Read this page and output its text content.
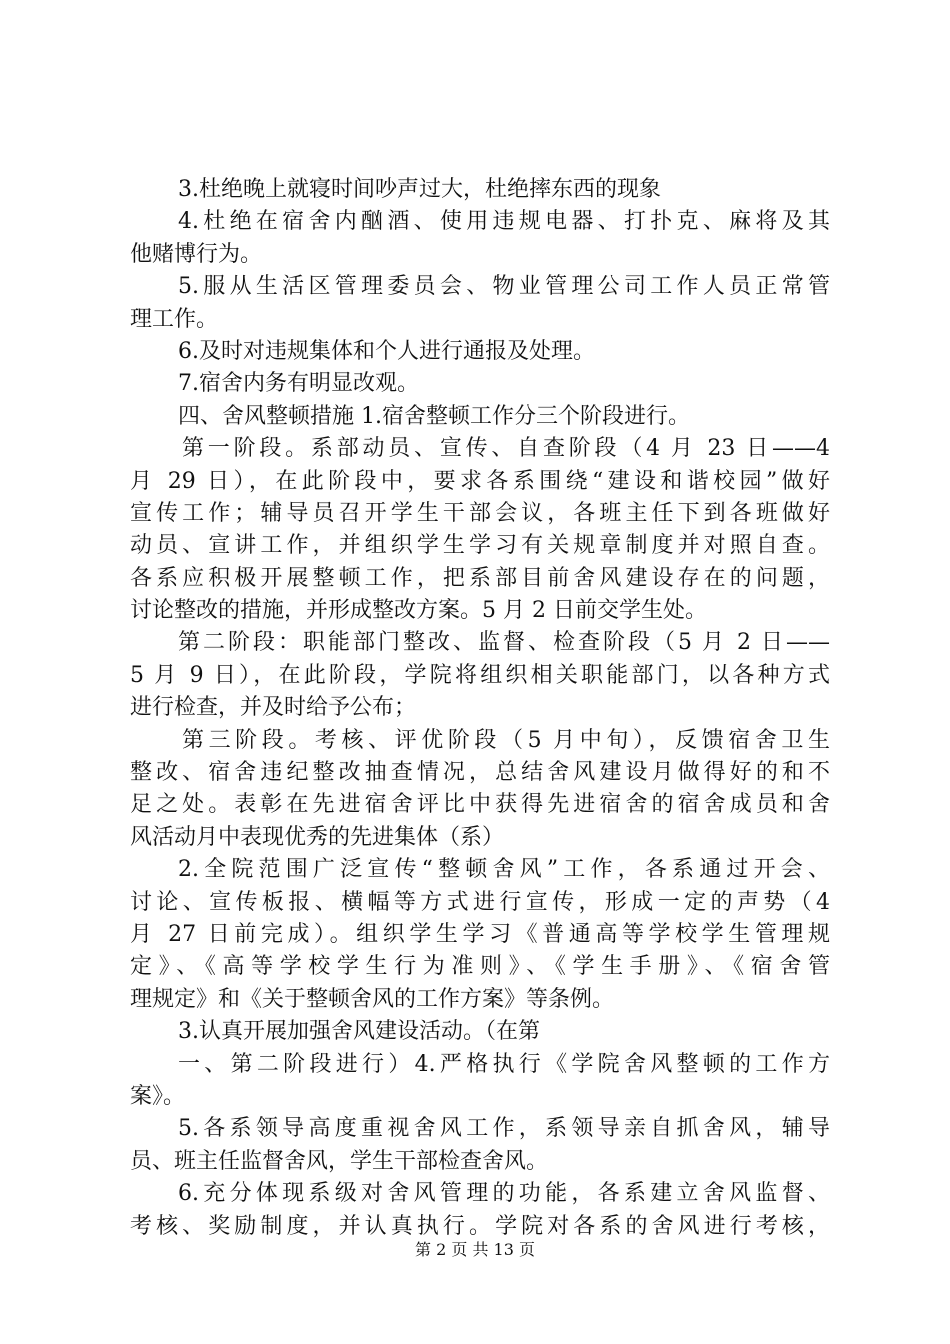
3.杜绝晚上就寝时间吵声过大，杜绝摔东西的现象
4.杜绝在宿舍内酗酒、使用违规电器、打扑克、麻将及其
他赌博行为。
5.服从生活区管理委员会、物业管理公司工作人员正常管
理工作。
6.及时对违规集体和个人进行通报及处理。
7.宿舍内务有明显改观。
四、舍风整顿措施 1.宿舍整顿工作分三个阶段进行。
第一阶段。系部动员、宣传、自查阶段（4 月 23 日——4
月 29 日），在此阶段中，要求各系围绕“建设和谐校园”做好
宣传工作；辅导员召开学生干部会议，各班主任下到各班做好
动员、宣讲工作，并组织学生学习有关规章制度并对照自查。
各系应积极开展整顿工作，把系部目前舍风建设存在的问题，
讨论整改的措施，并形成整改方案。5 月 2 日前交学生处。
第二阶段：职能部门整改、监督、检查阶段（5 月 2 日——
5 月 9 日），在此阶段，学院将组织相关职能部门，以各种方式
进行检查，并及时给予公布；
第三阶段。考核、评优阶段（5 月中旬），反馈宿舍卫生
整改、宿舍违纪整改抽查情况，总结舍风建设月做得好的和不
足之处。表彰在先进宿舍评比中获得先进宿舍的宿舍成员和舍
风活动月中表现优秀的先进集体（系）
2.全院范围广泛宣传“整顿舍风”工作，各系通过开会、
讨论、宣传板报、横幅等方式进行宣传，形成一定的声势（4
月 27 日前完成）。组织学生学习《普通高等学校学生管理规
定》、《高等学校学生行为准则》、《学生手册》、《宿舍管
理规定》和《关于整顿舍风的工作方案》等条例。
3.认真开展加强舍风建设活动。（在第
一、第二阶段进行）4.严格执行《学院舍风整顿的工作方
案》。
5.各系领导高度重视舍风工作，系领导亲自抓舍风，辅导
员、班主任监督舍风，学生干部检查舍风。
6.充分体现系级对舍风管理的功能，各系建立舍风监督、
考核、奖励制度，并认真执行。学院对各系的舍风进行考核，
第 2 页 共 13 页
